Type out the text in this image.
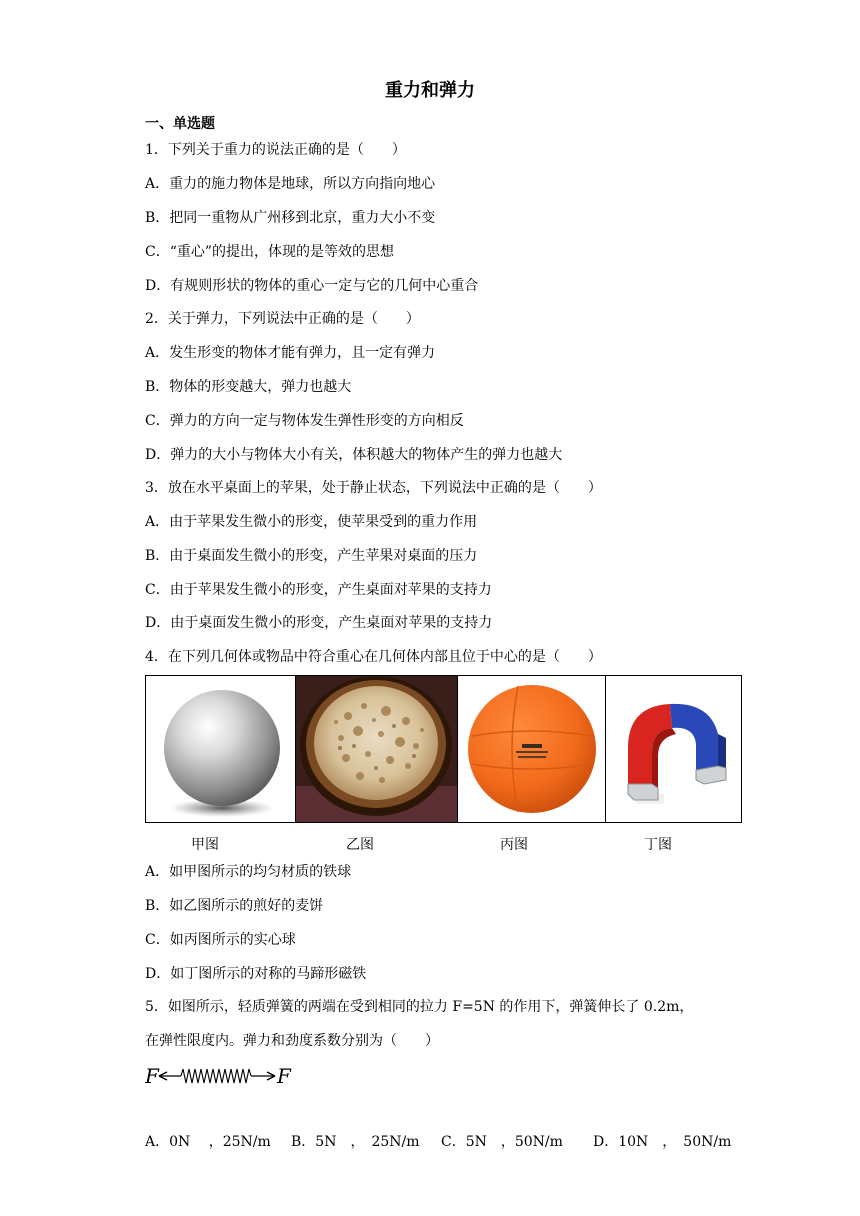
重力和弹力
一、单选题
1．下列关于重力的说法正确的是（　　）
A．重力的施力物体是地球，所以方向指向地心
B．把同一重物从广州移到北京，重力大小不变
C．“重心”的提出，体现的是等效的思想
D．有规则形状的物体的重心一定与它的几何中心重合
2．关于弹力，下列说法中正确的是（　　）
A．发生形变的物体才能有弹力，且一定有弹力
B．物体的形变越大，弹力也越大
C．弹力的方向一定与物体发生弹性形变的方向相反
D．弹力的大小与物体大小有关，体积越大的物体产生的弹力也越大
3．放在水平桌面上的苹果，处于静止状态，下列说法中正确的是（　　）
A．由于苹果发生微小的形变，使苹果受到的重力作用
B．由于桌面发生微小的形变，产生苹果对桌面的压力
C．由于苹果发生微小的形变，产生桌面对苹果的支持力
D．由于桌面发生微小的形变，产生桌面对苹果的支持力
4．在下列几何体或物品中符合重心在几何体内部且位于中心的是（　　）
甲图	乙图	丙图	丁图
A．如甲图所示的均匀材质的铁球
B．如乙图所示的煎好的麦饼
C．如丙图所示的实心球
D．如丁图所示的对称的马蹄形磁铁
5．如图所示，轻质弹簧的两端在受到相同的拉力 F=5N 的作用下，弹簧伸长了 0.2m，
在弹性限度内。弹力和劲度系数分别为（　　）
F	F
A．0N　 ，25N/m B．5N　，　25N/m C．5N　，50N/m D．10N　，　50N/m
